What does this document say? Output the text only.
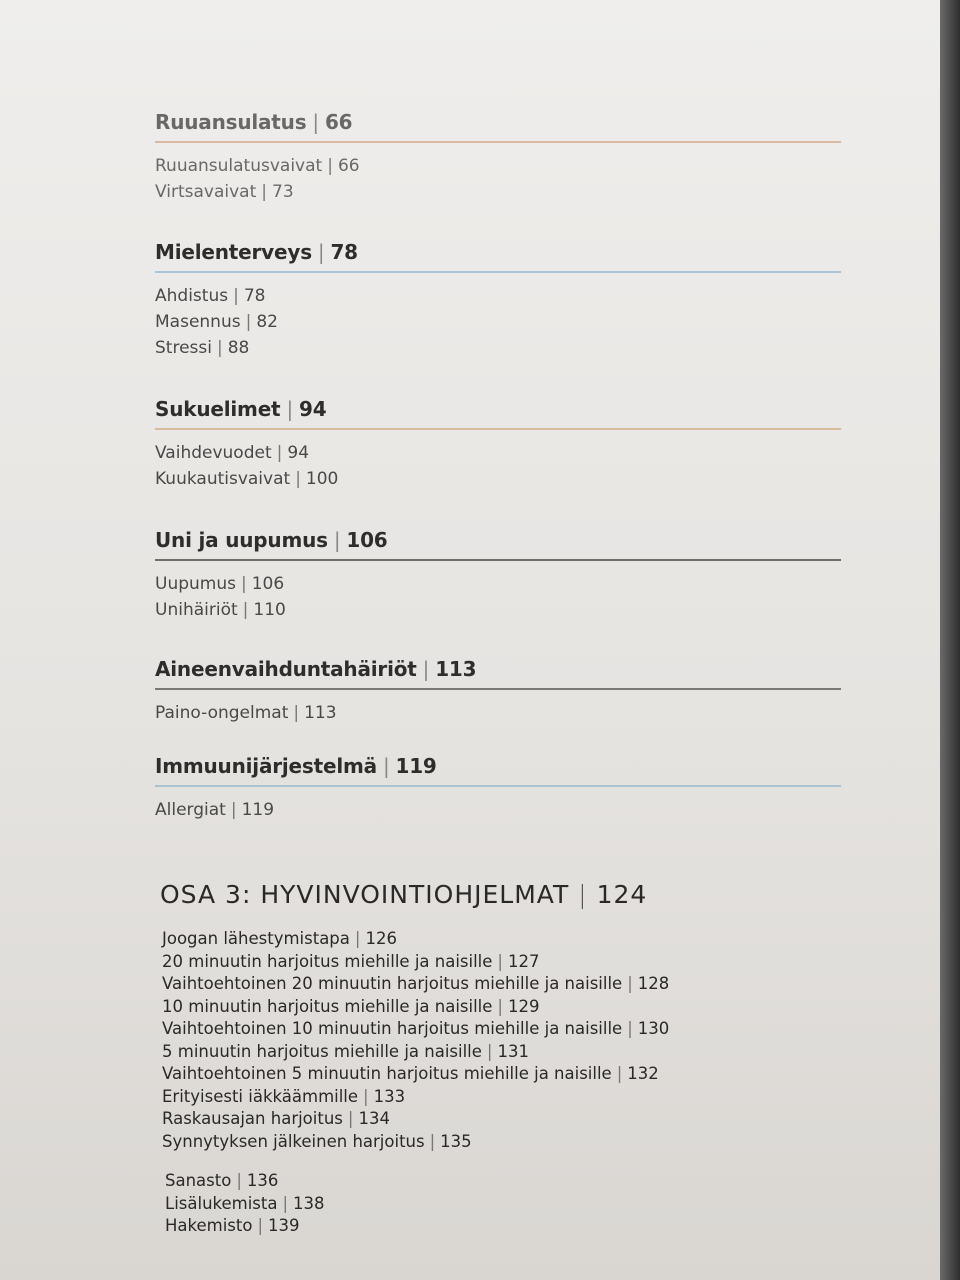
OSA 3: HYVINVOINTIOHJELMAT | 124
Joogan lähestymistapa | 126
20 minuutin harjoitus miehille ja naisille | 127
Vaihtoehtoinen 20 minuutin harjoitus miehille ja naisille | 128
10 minuutin harjoitus miehille ja naisille | 129
Vaihtoehtoinen 10 minuutin harjoitus miehille ja naisille | 130
5 minuutin harjoitus miehille ja naisille | 131
Vaihtoehtoinen 5 minuutin harjoitus miehille ja naisille | 132
Erityisesti iäkkäämmille | 133
Raskausajan harjoitus | 134
Synnytyksen jälkeinen harjoitus | 135
Sanasto | 136
Lisälukemista | 138
Hakemisto | 139
Ruuansulatus | 66
Ruuansulatusvaivat | 66
Virtsavaivat | 73
Mielenterveys | 78
Ahdistus | 78
Masennus | 82
Stressi | 88
Sukuelimet | 94
Vaihdevuodet | 94
Kuukautisvaivat | 100
Uni ja uupumus | 106
Uupumus | 106
Unihäiriöt | 110
Aineenvaihduntahäiriöt | 113
Paino-ongelmat | 113
Immuunijärjestelmä | 119
Allergiat | 119
